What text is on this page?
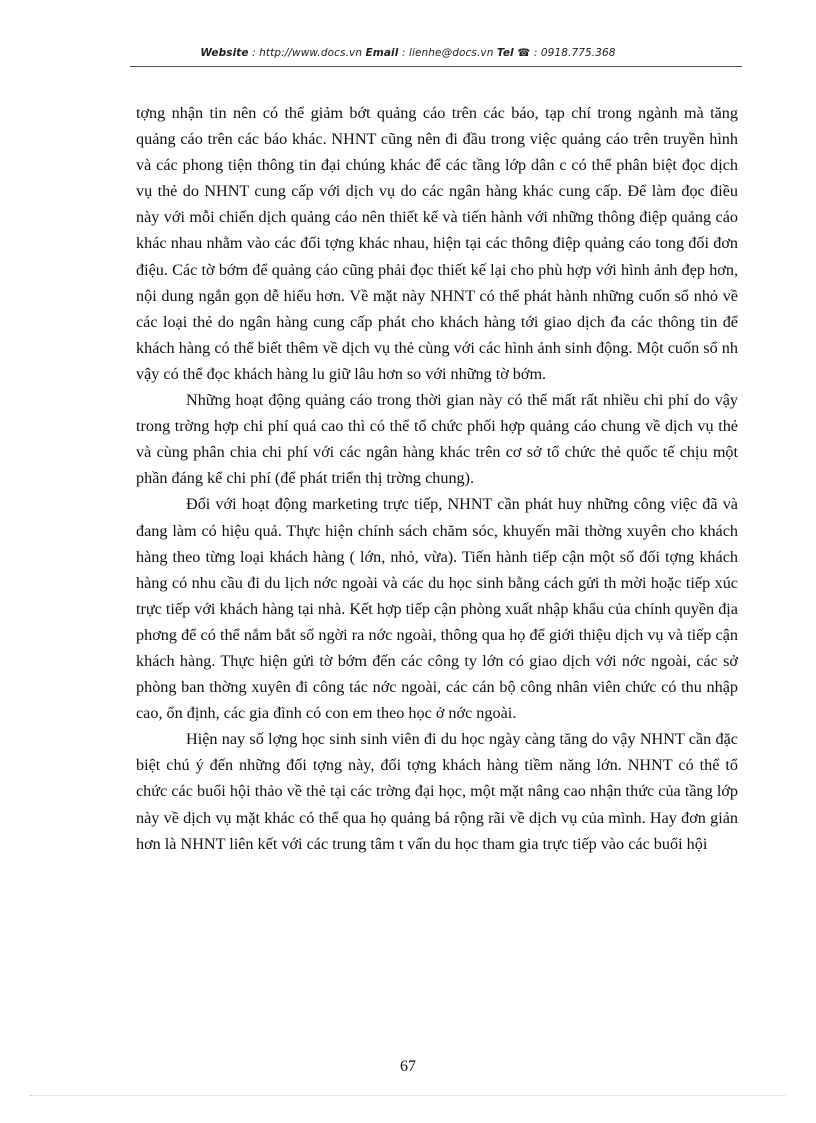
Website : http://www.docs.vn Email : lienhe@docs.vn Tel ☎ : 0918.775.368

tợng nhận tin nên có thể giảm bớt quảng cáo trên các báo, tạp chí trong ngành mà tăng quảng cáo trên các báo khác. NHNT cũng nên đi đầu trong việc quảng cáo trên truyền hình và các phong tiện thông tin đại chúng khác để các tầng lớp dân c có thể phân biệt đọc dịch vụ thẻ do NHNT cung cấp với dịch vụ do các ngân hàng khác cung cấp. Để làm đọc điều này với mỗi chiến dịch quảng cáo nên thiết kế và tiến hành với những thông điệp quảng cáo khác nhau nhằm vào các đối tợng khác nhau, hiện tại các thông điệp quảng cáo tong đối đơn điệu. Các tờ bớm để quảng cáo cũng phải đọc thiết kế lại cho phù hợp với hình ảnh đẹp hơn, nội dung ngắn gọn dễ hiểu hơn. Về mặt này NHNT có thể phát hành những cuốn sổ nhỏ về các loại thẻ do ngân hàng cung cấp phát cho khách hàng tới giao dịch đa các thông tin để khách hàng có thể biết thêm về dịch vụ thẻ cùng với các hình ảnh sinh động. Một cuốn sổ nh vậy có thể đọc khách hàng lu giữ lâu hơn so với những tờ bớm.

Những hoạt động quảng cáo trong thời gian này có thể mất rất nhiều chi phí do vậy trong trờng hợp chi phí quá cao thì có thể tổ chức phối hợp quảng cáo chung về dịch vụ thẻ và cùng phân chia chi phí với các ngân hàng khác trên cơ sở tổ chức thẻ quốc tế chịu một phần đáng kể chi phí (để phát triển thị trờng chung).

Đối với hoạt động marketing trực tiếp, NHNT cần phát huy những công việc đã và đang làm có hiệu quả. Thực hiện chính sách chăm sóc, khuyến mãi thờng xuyên cho khách hàng theo từng loại khách hàng ( lớn, nhỏ, vừa). Tiến hành tiếp cận một số đối tợng khách hàng có nhu cầu đi du lịch nớc ngoài và các du học sinh bằng cách gửi th mời hoặc tiếp xúc trực tiếp với khách hàng tại nhà. Kết hợp tiếp cận phòng xuất nhập khẩu của chính quyền địa phơng để có thể nắm bắt số ngời ra nớc ngoài, thông qua họ để giới thiệu dịch vụ và tiếp cận khách hàng. Thực hiện gửi tờ bớm đến các công ty lớn có giao dịch với nớc ngoài, các sở phòng ban thờng xuyên đi công tác nớc ngoài, các cán bộ công nhân viên chức có thu nhập cao, ổn định, các gia đình có con em theo học ở nớc ngoài.

Hiện nay số lợng học sinh sinh viên đi du học ngày càng tăng do vậy NHNT cần đặc biệt chú ý đến những đối tợng này, đối tợng khách hàng tiềm năng lớn. NHNT có thể tổ chức các buổi hội thảo về thẻ tại các trờng đại học, một mặt nâng cao nhận thức của tầng lớp này về dịch vụ mặt khác có thể qua họ quảng bá rộng rãi về dịch vụ của mình. Hay đơn giản hơn là NHNT liên kết với các trung tâm t vấn du học tham gia trực tiếp vào các buổi hội

67
